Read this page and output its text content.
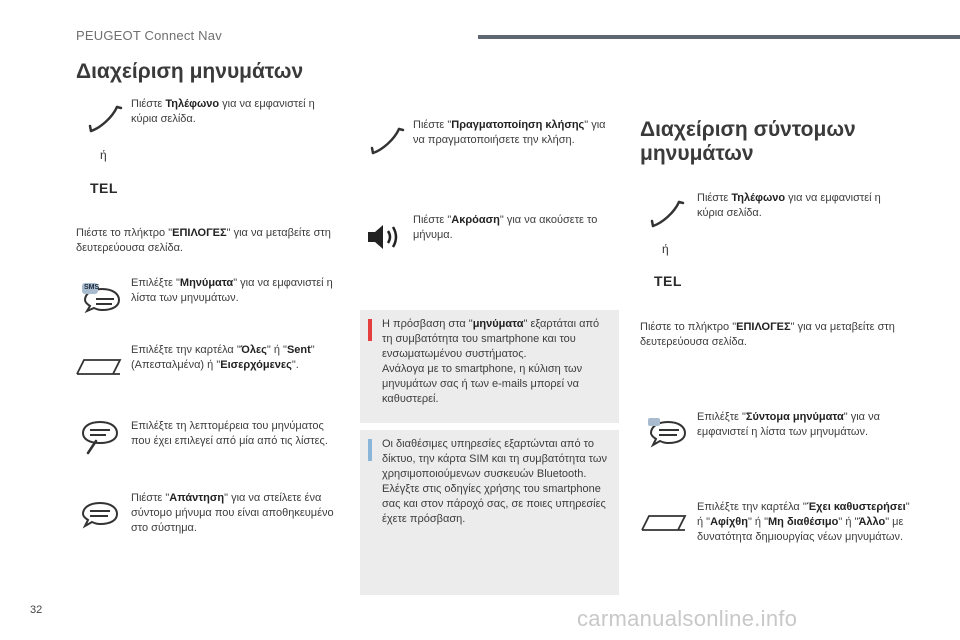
PEUGEOT Connect Nav
Διαχείριση μηνυμάτων
ή
TEL
Πιέστε Τηλέφωνο για να εμφανιστεί η κύρια σελίδα.
Πιέστε το πλήκτρο "ΕΠΙΛΟΓΕΣ" για να μεταβείτε στη δευτερεύουσα σελίδα.
SMS	Επιλέξτε "Μηνύματα" για να εμφανιστεί η λίστα των μηνυμάτων.
Επιλέξτε την καρτέλα "Όλες" ή "Sent" (Απεσταλμένα) ή "Εισερχόμενες".
Επιλέξτε τη λεπτομέρεια του μηνύματος που έχει επιλεγεί από μία από τις λίστες.
Πιέστε "Απάντηση" για να στείλετε ένα σύντομο μήνυμα που είναι αποθηκευμένο στο σύστημα.
Πιέστε "Πραγματοποίηση κλήσης" για να πραγματοποιήσετε την κλήση.
Πιέστε "Ακρόαση" για να ακούσετε το μήνυμα.
Η πρόσβαση στα "μηνύματα" εξαρτάται από τη συμβατότητα του smartphone και του ενσωματωμένου συστήματος.
Ανάλογα με το smartphone, η κύλιση των μηνυμάτων σας ή των e-mails μπορεί να καθυστερεί.
Οι διαθέσιμες υπηρεσίες εξαρτώνται από το δίκτυο, την κάρτα SIM και τη συμβατότητα των χρησιμοποιούμενων συσκευών Bluetooth.
Ελέγξτε στις οδηγίες χρήσης του smartphone σας και στον πάροχό σας, σε ποιες υπηρεσίες έχετε πρόσβαση.
Διαχείριση σύντομων
μηνυμάτων
ή
TEL
Πιέστε Τηλέφωνο για να εμφανιστεί η κύρια σελίδα.
Πιέστε το πλήκτρο "ΕΠΙΛΟΓΕΣ" για να μεταβείτε στη δευτερεύουσα σελίδα.
Επιλέξτε "Σύντομα μηνύματα" για να εμφανιστεί η λίστα των μηνυμάτων.
Επιλέξτε την καρτέλα "Έχει καθυστερήσει" ή "Αφίχθη" ή "Μη διαθέσιμο" ή "Άλλο" με δυνατότητα δημιουργίας νέων μηνυμάτων.
32	carmanualsonline.info
